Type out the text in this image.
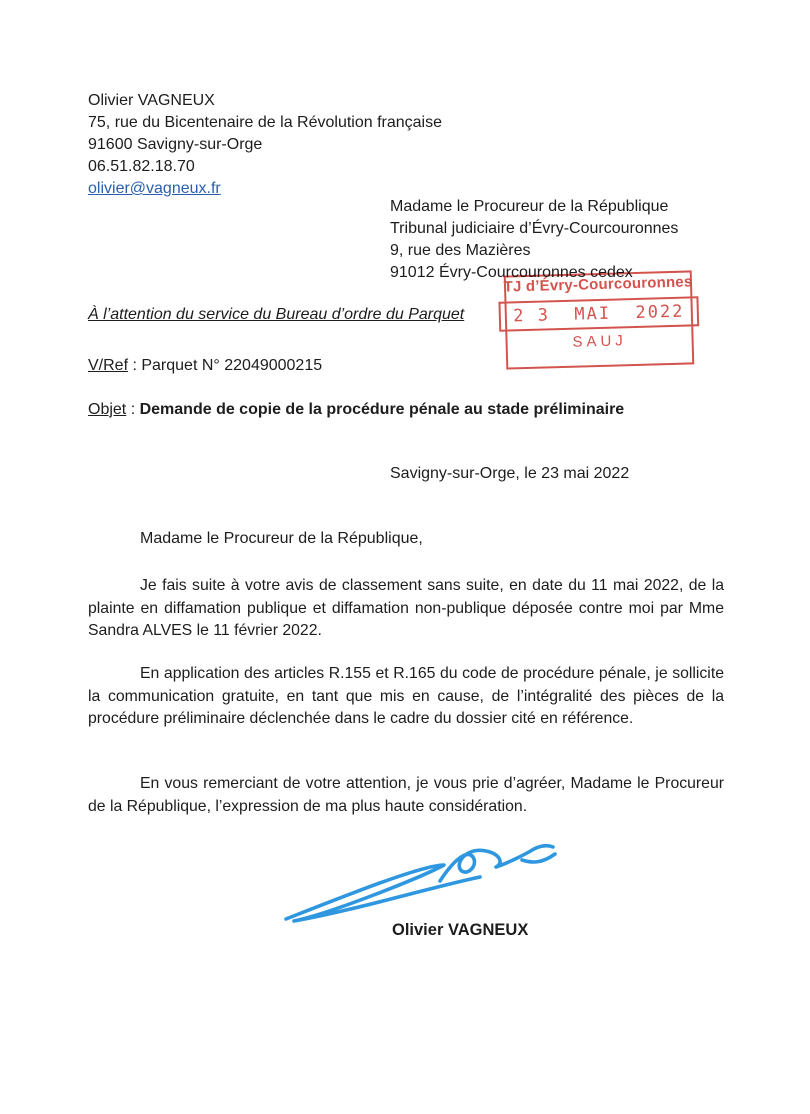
Olivier VAGNEUX
75, rue du Bicentenaire de la Révolution française
91600 Savigny-sur-Orge
06.51.82.18.70
olivier@vagneux.fr
Madame le Procureur de la République
Tribunal judiciaire d’Évry-Courcouronnes
9, rue des Mazières
91012 Évry-Courcouronnes cedex
TJ d’Évry-Courcouronnes
2 3  MAI  2022
SAUJ
À l’attention du service du Bureau d’ordre du Parquet
V/Ref : Parquet N° 22049000215
Objet : Demande de copie de la procédure pénale au stade préliminaire
Savigny-sur-Orge, le 23 mai 2022
Madame le Procureur de la République,
Je fais suite à votre avis de classement sans suite, en date du 11 mai 2022, de la plainte en diffamation publique et diffamation non-publique déposée contre moi par Mme Sandra ALVES le 11 février 2022.
En application des articles R.155 et R.165 du code de procédure pénale, je sollicite la communication gratuite, en tant que mis en cause, de l’intégralité des pièces de la procédure préliminaire déclenchée dans le cadre du dossier cité en référence.
En vous remerciant de votre attention, je vous prie d’agréer, Madame le Procureur de la République, l’expression de ma plus haute considération.
Olivier VAGNEUX
